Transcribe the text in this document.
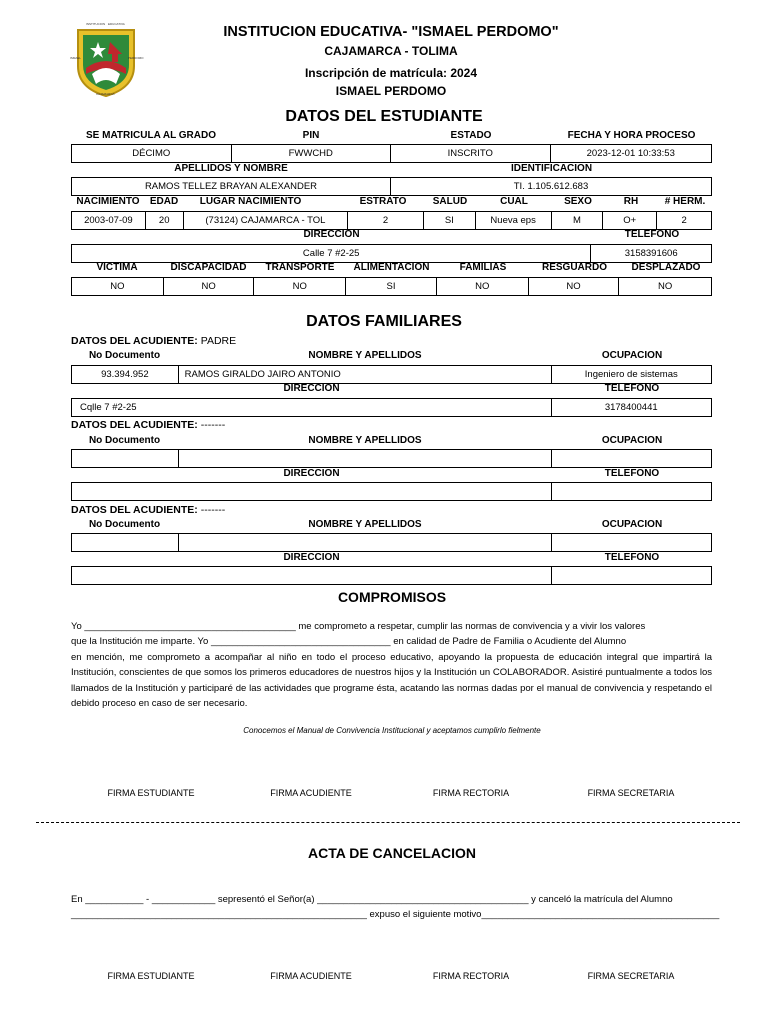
INSTITUCION EDUCATIVA
ISMAEL	PERDOMO
CAJAMARCA
INSTITUCION EDUCATIVA- "ISMAEL PERDOMO"
CAJAMARCA - TOLIMA
Inscripción de matrícula: 2024
ISMAEL PERDOMO
DATOS DEL ESTUDIANTE
SE MATRICULA AL GRADO	PIN	ESTADO	FECHA Y HORA PROCESO
DÉCIMO	FWWCHD	INSCRITO	2023-12-01 10:33:53
APELLIDOS Y NOMBRE	IDENTIFICACION
RAMOS TELLEZ BRAYAN ALEXANDER	TI. 1.105.612.683
NACIMIENTO	EDAD	LUGAR NACIMIENTO	ESTRATO	SALUD	CUAL	SEXO	RH	# HERM.
2003-07-09	20	(73124) CAJAMARCA - TOL	2	SI	Nueva eps	M	O+	2
DIRECCION	TELEFONO
Calle 7 #2-25	3158391606
VICTIMA	DISCAPACIDAD	TRANSPORTE	ALIMENTACION	FAMILIAS	RESGUARDO	DESPLAZADO
NO	NO	NO	SI	NO	NO	NO
DATOS FAMILIARES
DATOS DEL ACUDIENTE: PADRE
No Documento	NOMBRE Y APELLIDOS	OCUPACION
93.394.952	RAMOS GIRALDO JAIRO ANTONIO	Ingeniero de sistemas
DIRECCION	TELEFONO
Cqlle 7 #2-25	3178400441
DATOS DEL ACUDIENTE: -------
No Documento	NOMBRE Y APELLIDOS	OCUPACION
DIRECCION	TELEFONO
DATOS DEL ACUDIENTE: -------
No Documento	NOMBRE Y APELLIDOS	OCUPACION
DIRECCION	TELEFONO
COMPROMISOS
Yo ________________________________________ me comprometo a respetar, cumplir las normas de convivencia y a vivir los valores
que la Institución me imparte. Yo __________________________________ en calidad de Padre de Familia o Acudiente del Alumno
en mención, me comprometo a acompañar al niño en todo el proceso educativo, apoyando la propuesta de educación integral que impartirá la Institución, conscientes de que somos los primeros educadores de nuestros hijos y la Institución un COLABORADOR. Asistiré puntualmente a todos los llamados de la Institución y participaré de las actividades que programe ésta, acatando las normas dadas por el manual de convivencia y respetando el debido proceso en caso de ser necesario.
Conocemos el Manual de Convivencia Institucional y aceptamos cumplirlo fielmente
FIRMA ESTUDIANTE	FIRMA ACUDIENTE	FIRMA RECTORIA	FIRMA SECRETARIA
ACTA DE CANCELACION
En ___________ - ____________ sepresentó el Señor(a) ________________________________________ y canceló la matrícula del Alumno
________________________________________________________ expuso el siguiente motivo_____________________________________________
FIRMA ESTUDIANTE	FIRMA ACUDIENTE	FIRMA RECTORIA	FIRMA SECRETARIA
